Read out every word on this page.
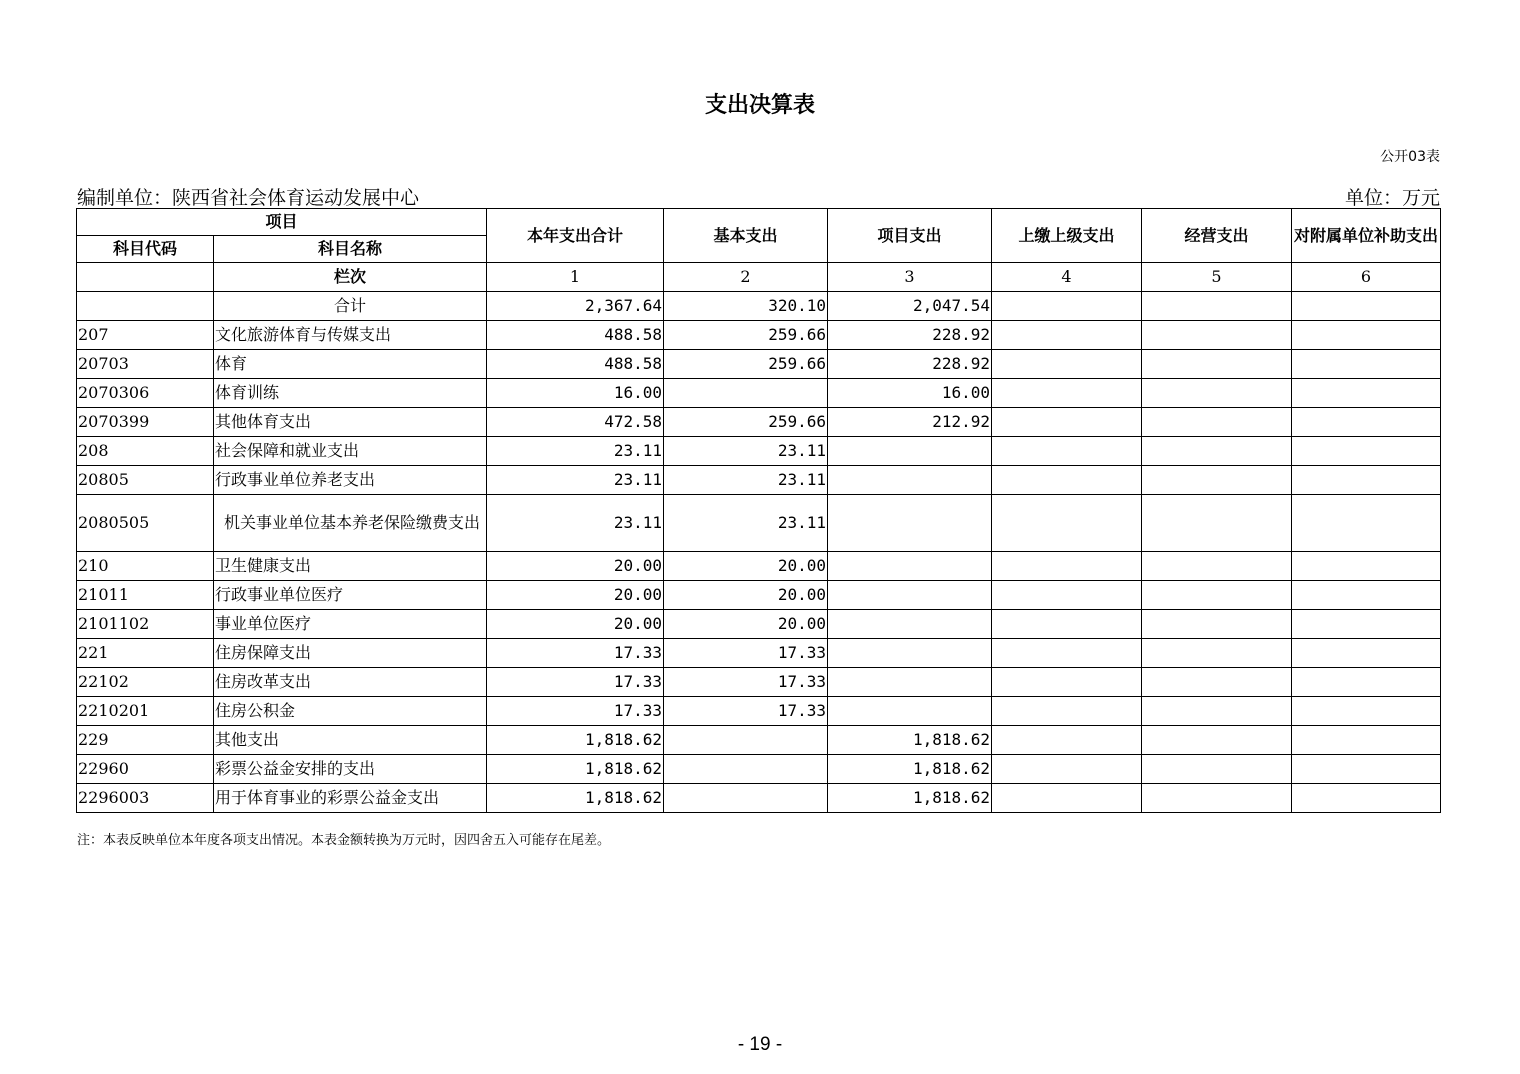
支出决算表
公开03表
编制单位：陕西省社会体育运动发展中心	单位：万元
项目		本年支出合计	基本支出	项目支出	上缴上级支出	经营支出	对附属单位补助支出
科目代码	科目名称						
	栏次	1	2	3	4	5	6
	合计	2,367.64	320.10	2,047.54			
207	文化旅游体育与传媒支出	488.58	259.66	228.92			
20703	体育	488.58	259.66	228.92			
2070306	体育训练	16.00		16.00			
2070399	其他体育支出	472.58	259.66	212.92			
208	社会保障和就业支出	23.11	23.11				
20805	行政事业单位养老支出	23.11	23.11				
2080505	机关事业单位基本养老保险缴费支出	23.11	23.11				
210	卫生健康支出	20.00	20.00				
21011	行政事业单位医疗	20.00	20.00				
2101102	事业单位医疗	20.00	20.00				
221	住房保障支出	17.33	17.33				
22102	住房改革支出	17.33	17.33				
2210201	住房公积金	17.33	17.33				
229	其他支出	1,818.62		1,818.62			
22960	彩票公益金安排的支出	1,818.62		1,818.62			
2296003	用于体育事业的彩票公益金支出	1,818.62		1,818.62			
注：本表反映单位本年度各项支出情况。本表金额转换为万元时，因四舍五入可能存在尾差。
- 19 -
